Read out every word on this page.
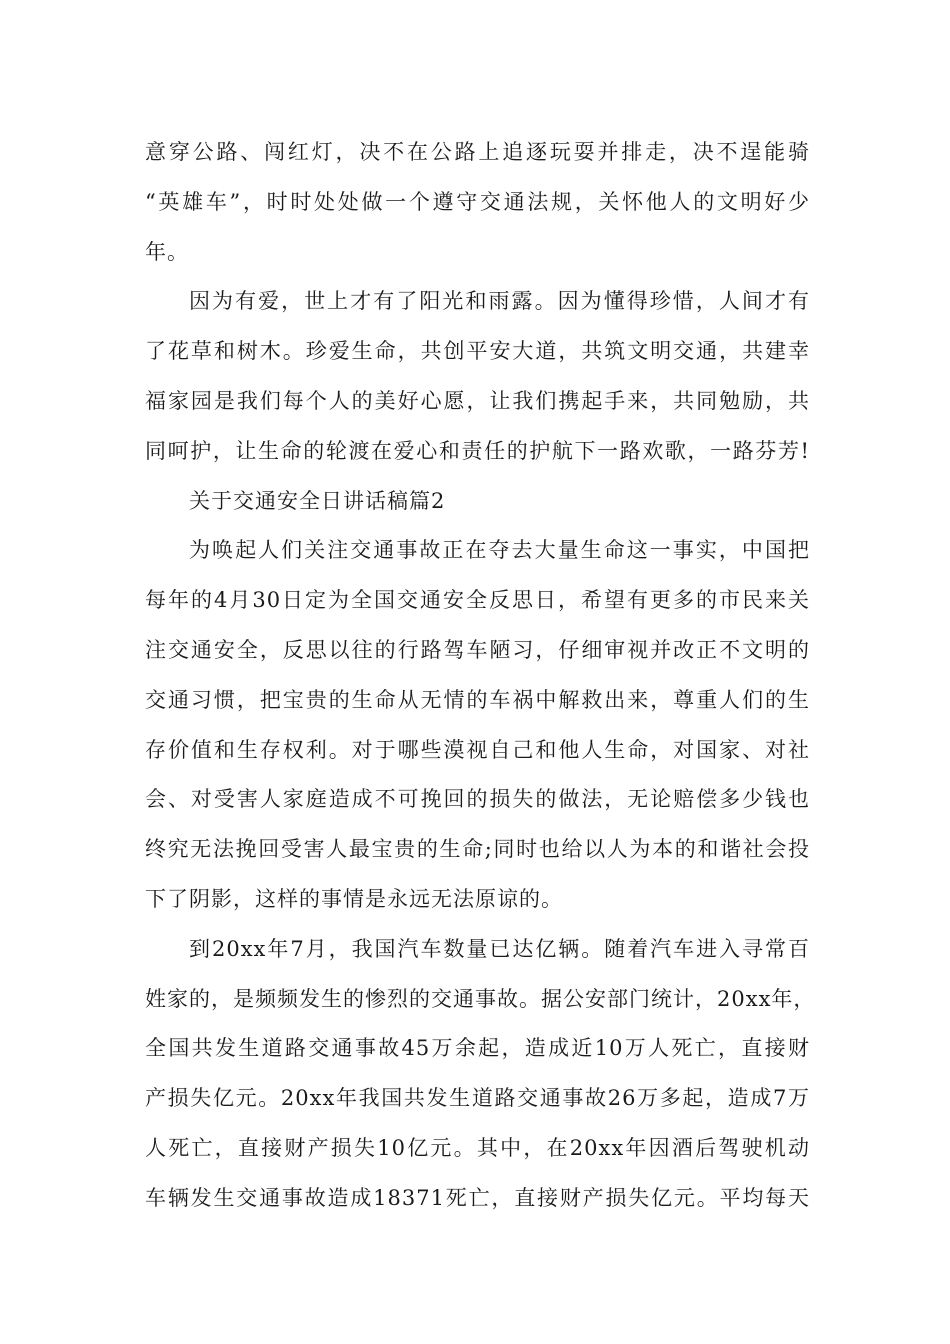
意穿公路、闯红灯，决不在公路上追逐玩耍并排走，决不逞能骑
“英雄车”，时时处处做一个遵守交通法规，关怀他人的文明好少
年。
因为有爱，世上才有了阳光和雨露。因为懂得珍惜，人间才有
了花草和树木。珍爱生命，共创平安大道，共筑文明交通，共建幸
福家园是我们每个人的美好心愿，让我们携起手来，共同勉励，共
同呵护，让生命的轮渡在爱心和责任的护航下一路欢歌，一路芬芳!
关于交通安全日讲话稿篇2
为唤起人们关注交通事故正在夺去大量生命这一事实，中国把
每年的4月30日定为全国交通安全反思日，希望有更多的市民来关
注交通安全，反思以往的行路驾车陋习，仔细审视并改正不文明的
交通习惯，把宝贵的生命从无情的车祸中解救出来，尊重人们的生
存价值和生存权利。对于哪些漠视自己和他人生命，对国家、对社
会、对受害人家庭造成不可挽回的损失的做法，无论赔偿多少钱也
终究无法挽回受害人最宝贵的生命;同时也给以人为本的和谐社会投
下了阴影，这样的事情是永远无法原谅的。
到20xx年7月，我国汽车数量已达亿辆。随着汽车进入寻常百
姓家的，是频频发生的惨烈的交通事故。据公安部门统计，20xx年，
全国共发生道路交通事故45万余起，造成近10万人死亡，直接财
产损失亿元。20xx年我国共发生道路交通事故26万多起，造成7万
人死亡，直接财产损失10亿元。其中，在20xx年因酒后驾驶机动
车辆发生交通事故造成18371死亡，直接财产损失亿元。平均每天
